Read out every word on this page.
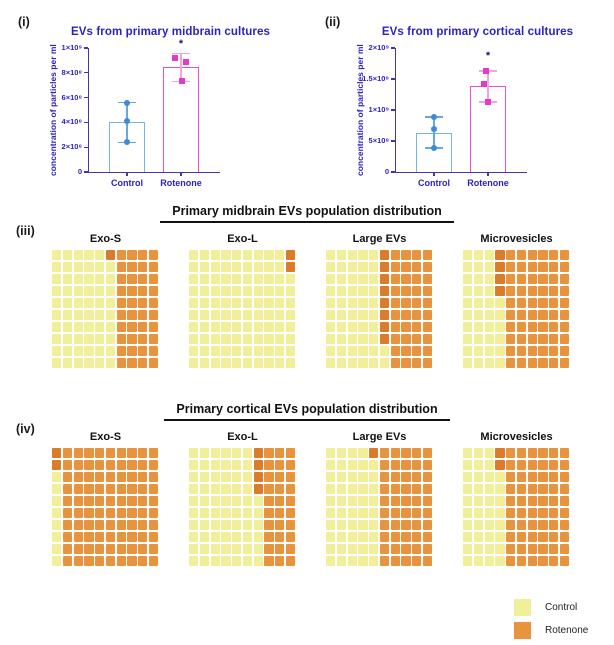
(i)
EVs from primary midbrain cultures
concentration of particles per ml	0
2×10⁸
4×10⁸
6×10⁸
8×10⁸
1×10⁹
Control	Rotenone
*
(ii)
EVs from primary cortical cultures
concentration of particles per ml	0
5×10⁸
1×10⁹
1.5×10⁹
2×10⁹
Control	Rotenone
*
Primary midbrain EVs population distribution
(iii)
Exo-S	Exo-L	Large EVs	Microvesicles
Primary cortical EVs population distribution
(iv)
Exo-S	Exo-L	Large EVs	Microvesicles
Control
Rotenone
